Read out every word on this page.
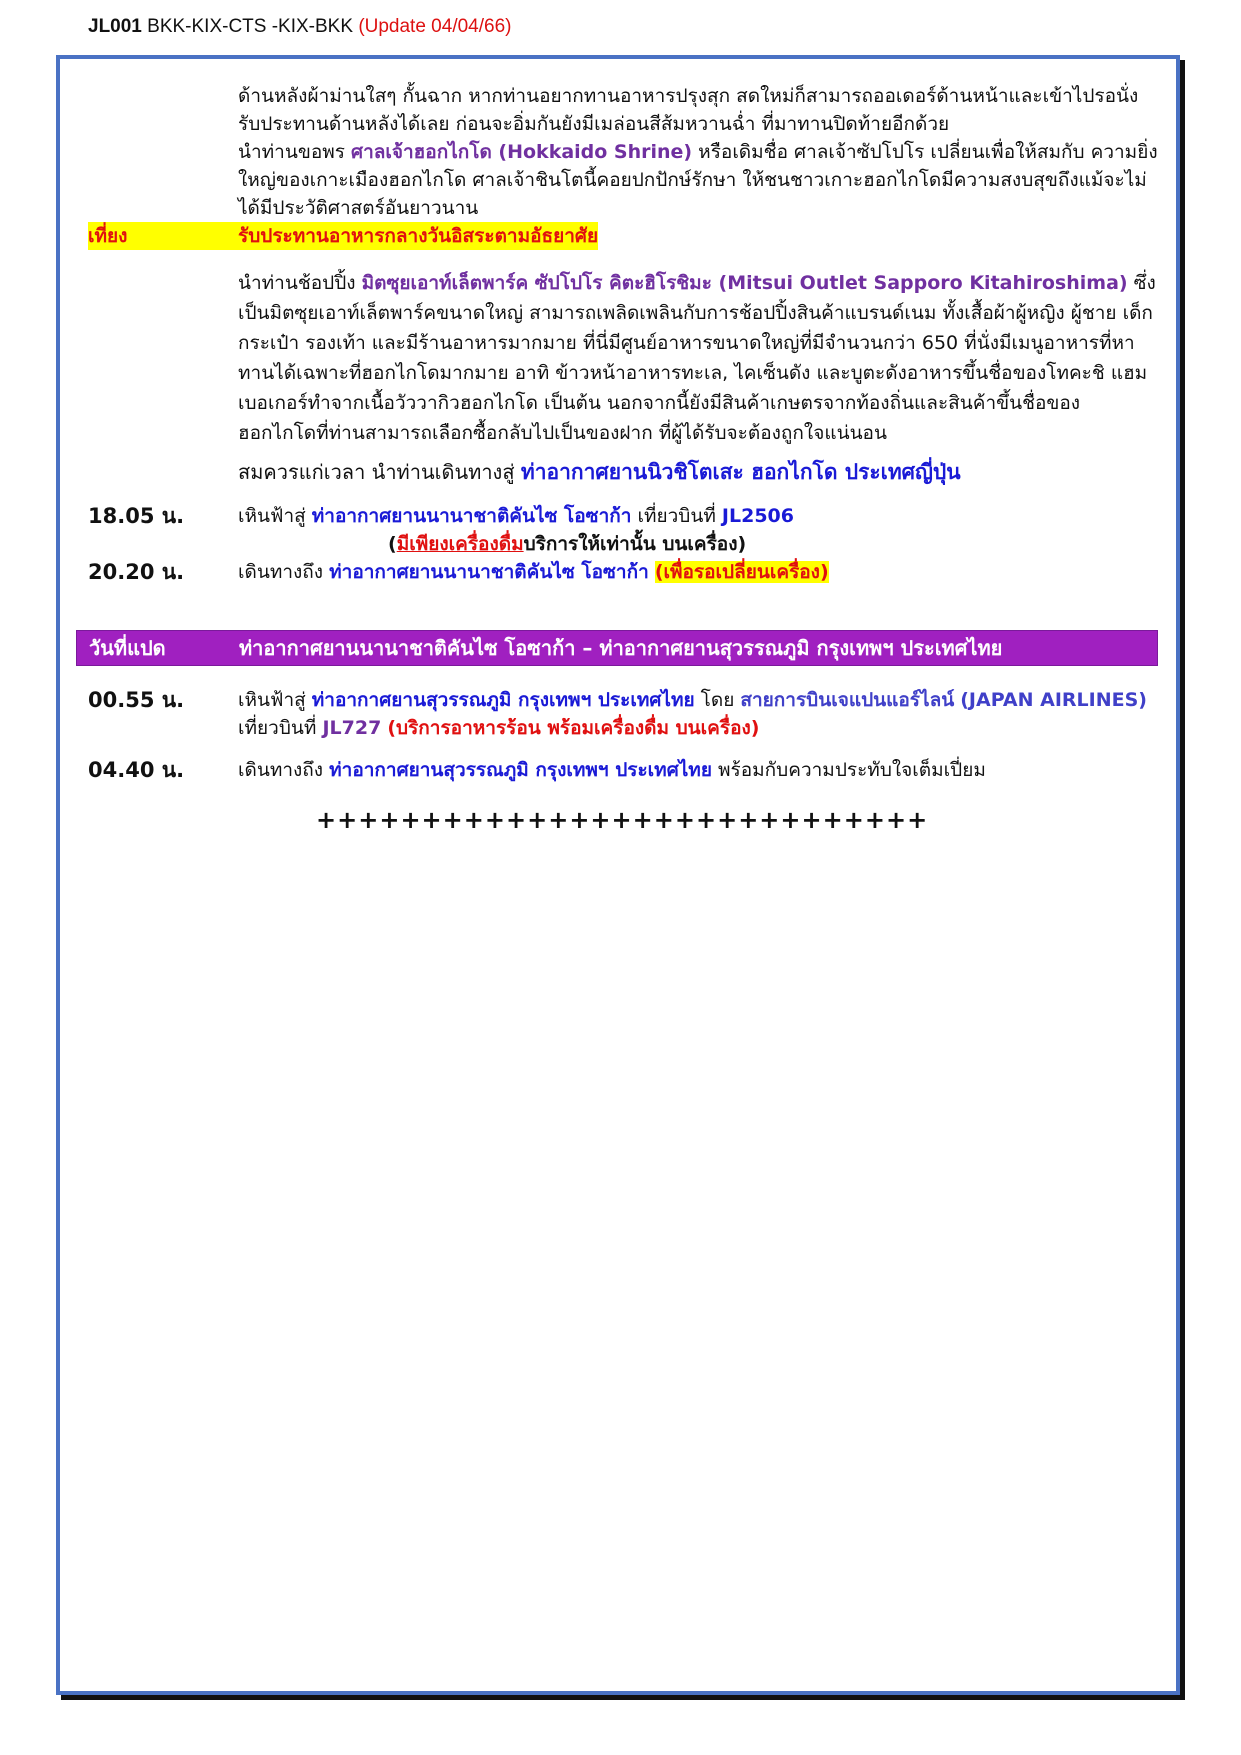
JL001 BKK-KIX-CTS -KIX-BKK (Update 04/04/66)
ด้านหลังผ้าม่านใสๆ กั้นฉาก หากท่านอยากทานอาหารปรุงสุก สดใหม่ก็สามารถออเดอร์ด้านหน้าและเข้าไปรอนั่งรับประทานด้านหลังได้เลย ก่อนจะอิ่มกันยังมีเมล่อนสีส้มหวานฉ่ำ ที่มาทานปิดท้ายอีกด้วย
นำท่านขอพร ศาลเจ้าฮอกไกโด (Hokkaido Shrine) หรือเดิมชื่อ ศาลเจ้าซัปโปโร เปลี่ยนเพื่อให้สมกับ ความยิ่งใหญ่ของเกาะเมืองฮอกไกโด ศาลเจ้าชินโตนี้คอยปกปักษ์รักษา ให้ชนชาวเกาะฮอกไกโดมีความสงบสุขถึงแม้จะไม่ได้มีประวัติศาสตร์อันยาวนาน
เที่ยง	รับประทานอาหารกลางวันอิสระตามอัธยาศัย
นำท่านช้อปปิ้ง มิตซุยเอาท์เล็ตพาร์ค ซัปโปโร คิตะฮิโรชิมะ (Mitsui Outlet Sapporo Kitahiroshima) ซึ่งเป็นมิตซุยเอาท์เล็ตพาร์คขนาดใหญ่ สามารถเพลิดเพลินกับการช้อปปิ้งสินค้าแบรนด์เนม ทั้งเสื้อผ้าผู้หญิง ผู้ชาย เด็ก กระเป๋า รองเท้า และมีร้านอาหารมากมาย ที่นี่มีศูนย์อาหารขนาดใหญ่ที่มีจำนวนกว่า 650 ที่นั่งมีเมนูอาหารที่หาทานได้เฉพาะที่ฮอกไกโดมากมาย อาทิ ข้าวหน้าอาหารทะเล, ไคเซ็นดัง และบูตะดังอาหารขึ้นชื่อของโทคะชิ แฮมเบอเกอร์ทำจากเนื้อวัววากิวฮอกไกโด เป็นต้น นอกจากนี้ยังมีสินค้าเกษตรจากท้องถิ่นและสินค้าขึ้นชื่อของฮอกไกโดที่ท่านสามารถเลือกซื้อกลับไปเป็นของฝาก ที่ผู้ได้รับจะต้องถูกใจแน่นอน
สมควรแก่เวลา นำท่านเดินทางสู่ ท่าอากาศยานนิวชิโตเสะ ฮอกไกโด ประเทศญี่ปุ่น
18.05 น.	เหินฟ้าสู่ ท่าอากาศยานนานาชาติคันไซ โอซาก้า เที่ยวบินที่ JL2506
(มีเพียงเครื่องดื่มบริการให้เท่านั้น บนเครื่อง)
20.20 น.	เดินทางถึง ท่าอากาศยานนานาชาติคันไซ โอซาก้า (เพื่อรอเปลี่ยนเครื่อง)
วันที่แปด	ท่าอากาศยานนานาชาติคันไซ โอซาก้า – ท่าอากาศยานสุวรรณภูมิ กรุงเทพฯ ประเทศไทย
00.55 น.	เหินฟ้าสู่ ท่าอากาศยานสุวรรณภูมิ กรุงเทพฯ ประเทศไทย โดย สายการบินเจแปนแอร์ไลน์ (JAPAN AIRLINES) เที่ยวบินที่ JL727 (บริการอาหารร้อน พร้อมเครื่องดื่ม บนเครื่อง)
04.40 น.	เดินทางถึง ท่าอากาศยานสุวรรณภูมิ กรุงเทพฯ ประเทศไทย พร้อมกับความประทับใจเต็มเปี่ยม
+++++++++++++++++++++++++++++
